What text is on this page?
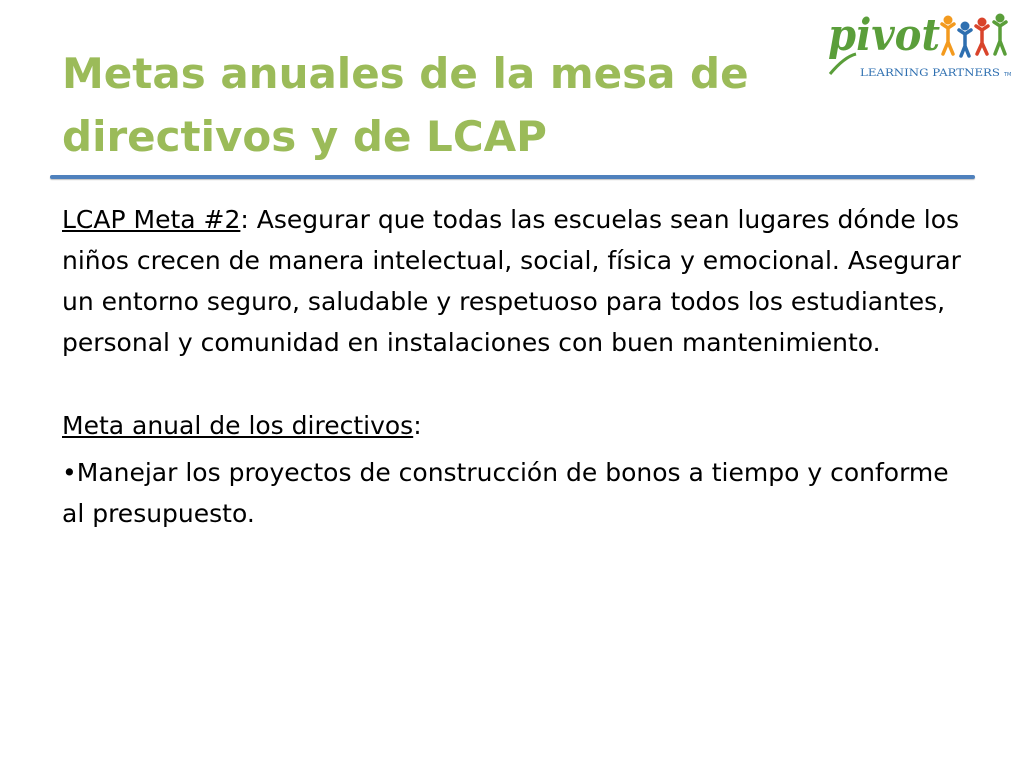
Metas anuales de la mesa de
directivos y de LCAP
pivot
LEARNING PARTNERS TM

LCAP Meta #2: Asegurar que todas las escuelas sean lugares dónde los niños crecen de manera intelectual, social, física y emocional. Asegurar un entorno seguro, saludable y respetuoso para todos los estudiantes, personal y comunidad en instalaciones con buen mantenimiento.

Meta anual de los directivos:

•Manejar los proyectos de construcción de bonos a tiempo y conforme al presupuesto.
